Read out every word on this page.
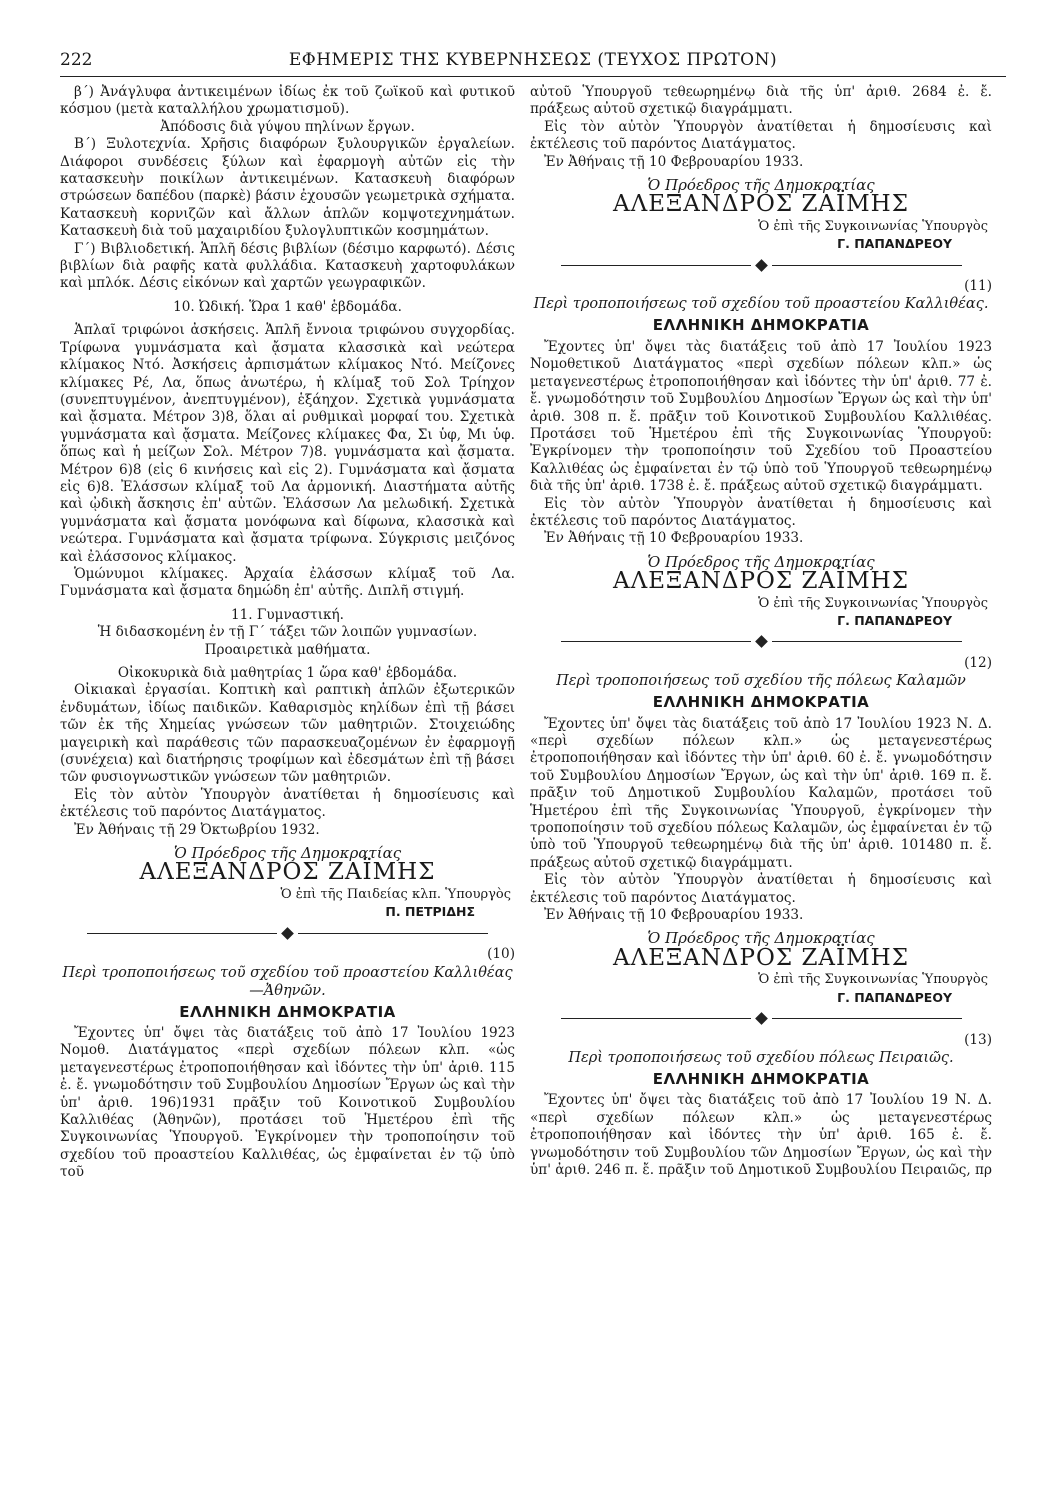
222	ΕΦΗΜΕΡΙΣ ΤΗΣ ΚΥΒΕΡΝΗΣΕΩΣ (ΤΕΥΧΟΣ ΠΡΩΤΟΝ)

β΄) Ἀνάγλυφα ἀντικειμένων ἰδίως ἐκ τοῦ ζωϊκοῦ καὶ φυτικοῦ κόσμου (μετὰ καταλλήλου χρωματισμοῦ).

Ἀπόδοσις διὰ γύψου πηλίνων ἔργων.

Β΄) Ξυλοτεχνία. Χρῆσις διαφόρων ξυλουργικῶν ἐργαλείων. Διάφοροι συνδέσεις ξύλων καὶ ἐφαρμογὴ αὐτῶν εἰς τὴν κατασκευὴν ποικίλων ἀντικειμένων. Κατασκευὴ διαφόρων στρώσεων δαπέδου (παρκὲ) βάσιν ἐχουσῶν γεωμετρικὰ σχήματα. Κατασκευὴ κορνιζῶν καὶ ἄλλων ἁπλῶν κομψοτεχνημάτων. Κατασκευὴ διὰ τοῦ μαχαιριδίου ξυλογλυπτικῶν κοσμημάτων.

Γ΄) Βιβλιοδετική. Ἁπλῆ δέσις βιβλίων (δέσιμο καρφωτό). Δέσις βιβλίων διὰ ραφῆς κατὰ φυλλάδια. Κατασκευὴ χαρτοφυλάκων καὶ μπλόκ. Δέσις εἰκόνων καὶ χαρτῶν γεωγραφικῶν.

10. Ὠδική. Ὥρα 1 καθ' ἑβδομάδα.

Ἁπλαῖ τριφώνοι ἀσκήσεις. Ἁπλῆ ἔννοια τριφώνου συγχορδίας. Τρίφωνα γυμνάσματα καὶ ᾄσματα κλασσικὰ καὶ νεώτερα κλίμακος Ντό. Ἀσκήσεις ἀρπισμάτων κλίμακος Ντό. Μείζονες κλίμακες Ρέ, Λα, ὅπως ἀνωτέρω, ἡ κλίμαξ τοῦ Σολ Τρίηχον (συνεπτυγμένον, ἀνεπτυγμένον), ἑξάηχον. Σχετικὰ γυμνάσματα καὶ ᾄσματα. Μέτρον 3)8, ὅλαι αἱ ρυθμικαὶ μορφαί του. Σχετικὰ γυμνάσματα καὶ ᾄσματα. Μείζονες κλίμακες Φα, Σι ὑφ, Μι ὑφ. ὅπως καὶ ἡ μείζων Σολ. Μέτρον 7)8. γυμνάσματα καὶ ᾄσματα. Μέτρον 6)8 (εἰς 6 κινήσεις καὶ εἰς 2). Γυμνάσματα καὶ ᾄσματα εἰς 6)8. Ἐλάσσων κλίμαξ τοῦ Λα ἁρμονική. Διαστήματα αὐτῆς καὶ ᾠδικὴ ἄσκησις ἐπ' αὐτῶν. Ἐλάσσων Λα μελωδική. Σχετικὰ γυμνάσματα καὶ ᾄσματα μονόφωνα καὶ δίφωνα, κλασσικὰ καὶ νεώτερα. Γυμνάσματα καὶ ᾄσματα τρίφωνα. Σύγκρισις μειζόνος καὶ ἐλάσσονος κλίμακος.

Ὁμώνυμοι κλίμακες. Ἀρχαία ἐλάσσων κλίμαξ τοῦ Λα. Γυμνάσματα καὶ ᾄσματα δημώδη ἐπ' αὐτῆς. Διπλῆ στιγμή.

11. Γυμναστική.

Ἡ διδασκομένη ἐν τῇ Γ΄ τάξει τῶν λοιπῶν γυμνασίων.

Προαιρετικὰ μαθήματα.

Οἰκοκυρικὰ διὰ μαθητρίας 1 ὥρα καθ' ἑβδομάδα.

Οἰκιακαὶ ἐργασίαι. Κοπτικὴ καὶ ραπτικὴ ἁπλῶν ἐξωτερικῶν ἐνδυμάτων, ἰδίως παιδικῶν. Καθαρισμὸς κηλίδων ἐπὶ τῇ βάσει τῶν ἐκ τῆς Χημείας γνώσεων τῶν μαθητριῶν. Στοιχειώδης μαγειρικὴ καὶ παράθεσις τῶν παρασκευαζομένων ἐν ἐφαρμογῇ (συνέχεια) καὶ διατήρησις τροφίμων καὶ ἐδεσμάτων ἐπὶ τῇ βάσει τῶν φυσιογνωστικῶν γνώσεων τῶν μαθητριῶν.

Εἰς τὸν αὐτὸν Ὑπουργὸν ἀνατίθεται ἡ δημοσίευσις καὶ ἐκτέλεσις τοῦ παρόντος Διατάγματος.

Ἐν Ἀθήναις τῇ 29 Ὀκτωβρίου 1932.

Ὁ Πρόεδρος τῆς Δημοκρατίας
ΑΛΕΞΑΝΔΡΟΣ ΖΑΪΜΗΣ
Ὁ ἐπὶ τῆς Παιδείας κλπ. Ὑπουργὸς
Π. ΠΕΤΡΙΔΗΣ
(10)
Περὶ τροποποιήσεως τοῦ σχεδίου τοῦ προαστείου Καλλιθέας—Ἀθηνῶν.
ΕΛΛΗΝΙΚΗ ΔΗΜΟΚΡΑΤΙΑ

Ἔχοντες ὑπ' ὄψει τὰς διατάξεις τοῦ ἀπὸ 17 Ἰουλίου 1923 Νομοθ. Διατάγματος «περὶ σχεδίων πόλεων κλπ. «ὡς μεταγενεστέρως ἐτροποποιήθησαν καὶ ἰδόντες τὴν ὑπ' ἀριθ. 115 ἐ. ἔ. γνωμοδότησιν τοῦ Συμβουλίου Δημοσίων Ἔργων ὡς καὶ τὴν ὑπ' ἀριθ. 196)1931 πρᾶξιν τοῦ Κοινοτικοῦ Συμβουλίου Καλλιθέας (Ἀθηνῶν), προτάσει τοῦ Ἡμετέρου ἐπὶ τῆς Συγκοινωνίας Ὑπουργοῦ. Ἐγκρίνομεν τὴν τροποποίησιν τοῦ σχεδίου τοῦ προαστείου Καλλιθέας, ὡς ἐμφαίνεται ἐν τῷ ὑπὸ τοῦ

αὐτοῦ Ὑπουργοῦ τεθεωρημένῳ διὰ τῆς ὑπ' ἀριθ. 2684 ἐ. ἔ. πράξεως αὐτοῦ σχετικῷ διαγράμματι.

Εἰς τὸν αὐτὸν Ὑπουργὸν ἀνατίθεται ἡ δημοσίευσις καὶ ἐκτέλεσις τοῦ παρόντος Διατάγματος.

Ἐν Ἀθήναις τῇ 10 Φεβρουαρίου 1933.

Ὁ Πρόεδρος τῆς Δημοκρατίας
ΑΛΕΞΑΝΔΡΟΣ ΖΑΪΜΗΣ
Ὁ ἐπὶ τῆς Συγκοινωνίας Ὑπουργὸς
Γ. ΠΑΠΑΝΔΡΕΟΥ
(11)
Περὶ τροποποιήσεως τοῦ σχεδίου τοῦ προαστείου Καλλιθέας.
ΕΛΛΗΝΙΚΗ ΔΗΜΟΚΡΑΤΙΑ

Ἔχοντες ὑπ' ὄψει τὰς διατάξεις τοῦ ἀπὸ 17 Ἰουλίου 1923 Νομοθετικοῦ Διατάγματος «περὶ σχεδίων πόλεων κλπ.» ὡς μεταγενεστέρως ἐτροποποιήθησαν καὶ ἰδόντες τὴν ὑπ' ἀριθ. 77 ἐ. ἔ. γνωμοδότησιν τοῦ Συμβουλίου Δημοσίων Ἔργων ὡς καὶ τὴν ὑπ' ἀριθ. 308 π. ἔ. πρᾶξιν τοῦ Κοινοτικοῦ Συμβουλίου Καλλιθέας. Προτάσει τοῦ Ἡμετέρου ἐπὶ τῆς Συγκοινωνίας Ὑπουργοῦ: Ἐγκρίνομεν τὴν τροποποίησιν τοῦ Σχεδίου τοῦ Προαστείου Καλλιθέας ὡς ἐμφαίνεται ἐν τῷ ὑπὸ τοῦ Ὑπουργοῦ τεθεωρημένῳ διὰ τῆς ὑπ' ἀριθ. 1738 ἐ. ἔ. πράξεως αὐτοῦ σχετικῷ διαγράμματι.

Εἰς τὸν αὐτὸν Ὑπουργὸν ἀνατίθεται ἡ δημοσίευσις καὶ ἐκτέλεσις τοῦ παρόντος Διατάγματος.

Ἐν Ἀθήναις τῇ 10 Φεβρουαρίου 1933.

Ὁ Πρόεδρος τῆς Δημοκρατίας
ΑΛΕΞΑΝΔΡΟΣ ΖΑΪΜΗΣ
Ὁ ἐπὶ τῆς Συγκοινωνίας Ὑπουργὸς
Γ. ΠΑΠΑΝΔΡΕΟΥ
(12)
Περὶ τροποποιήσεως τοῦ σχεδίου τῆς πόλεως Καλαμῶν
ΕΛΛΗΝΙΚΗ ΔΗΜΟΚΡΑΤΙΑ

Ἔχοντες ὑπ' ὄψει τὰς διατάξεις τοῦ ἀπὸ 17 Ἰουλίου 1923 Ν. Δ. «περὶ σχεδίων πόλεων κλπ.» ὡς μεταγενεστέρως ἐτροποποιήθησαν καὶ ἰδόντες τὴν ὑπ' ἀριθ. 60 ἐ. ἔ. γνωμοδότησιν τοῦ Συμβουλίου Δημοσίων Ἔργων, ὡς καὶ τὴν ὑπ' ἀριθ. 169 π. ἔ. πρᾶξιν τοῦ Δημοτικοῦ Συμβουλίου Καλαμῶν, προτάσει τοῦ Ἡμετέρου ἐπὶ τῆς Συγκοινωνίας Ὑπουργοῦ, ἐγκρίνομεν τὴν τροποποίησιν τοῦ σχεδίου πόλεως Καλαμῶν, ὡς ἐμφαίνεται ἐν τῷ ὑπὸ τοῦ Ὑπουργοῦ τεθεωρημένῳ διὰ τῆς ὑπ' ἀριθ. 101480 π. ἔ. πράξεως αὐτοῦ σχετικῷ διαγράμματι.

Εἰς τὸν αὐτὸν Ὑπουργὸν ἀνατίθεται ἡ δημοσίευσις καὶ ἐκτέλεσις τοῦ παρόντος Διατάγματος.

Ἐν Ἀθήναις τῇ 10 Φεβρουαρίου 1933.

Ὁ Πρόεδρος τῆς Δημοκρατίας
ΑΛΕΞΑΝΔΡΟΣ ΖΑΪΜΗΣ
Ὁ ἐπὶ τῆς Συγκοινωνίας Ὑπουργὸς
Γ. ΠΑΠΑΝΔΡΕΟΥ
(13)
Περὶ τροποποιήσεως τοῦ σχεδίου πόλεως Πειραιῶς.
ΕΛΛΗΝΙΚΗ ΔΗΜΟΚΡΑΤΙΑ

Ἔχοντες ὑπ' ὄψει τὰς διατάξεις τοῦ ἀπὸ 17 Ἰουλίου 19 Ν. Δ. «περὶ σχεδίων πόλεων κλπ.» ὡς μεταγενεστέρως ἐτροποποιήθησαν καὶ ἰδόντες τὴν ὑπ' ἀριθ. 165 ἐ. ἔ. γνωμοδότησιν τοῦ Συμβουλίου τῶν Δημοσίων Ἔργων, ὡς καὶ τὴν ὑπ' ἀριθ. 246 π. ἔ. πρᾶξιν τοῦ Δημοτικοῦ Συμβουλίου Πειραιῶς, πρ
